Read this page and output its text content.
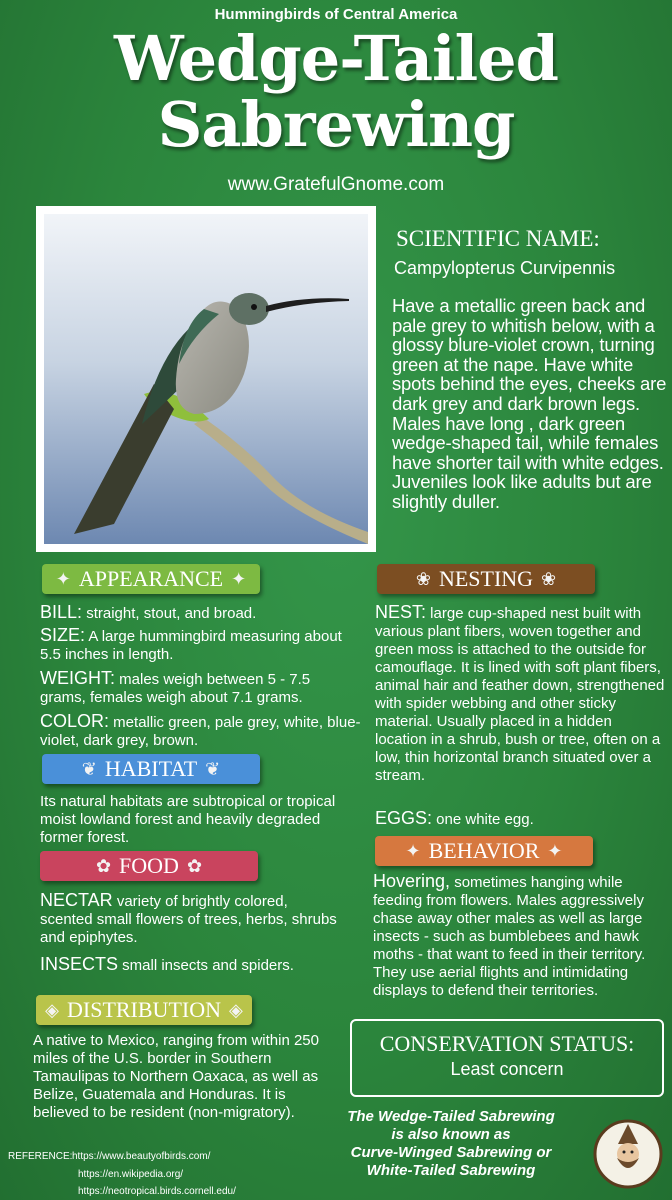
Hummingbirds of Central America
Wedge-Tailed
Sabrewing
www.GratefulGnome.com
SCIENTIFIC NAME:
Campylopterus Curvipennis
Have a metallic green back and pale grey to whitish below, with a glossy blure-violet crown, turning green at the nape. Have white spots behind the eyes, cheeks are dark grey and dark brown legs. Males have long , dark green wedge-shaped tail, while females have shorter tail with white edges. Juveniles look like adults but are slightly duller.
✦ APPEARANCE ✦
BILL: straight, stout, and broad.
SIZE: A large hummingbird measuring about 5.5 inches in length.
WEIGHT: males weigh between 5 - 7.5 grams, females weigh about 7.1 grams.
COLOR: metallic green, pale grey, white, blue-violet, dark grey, brown.
❦ HABITAT ❦
Its natural habitats are subtropical or tropical moist lowland forest and heavily degraded former forest.
✿ FOOD ✿
NECTAR variety of brightly colored, scented small flowers of trees, herbs, shrubs and epiphytes.
INSECTS small insects and spiders.
◈ DISTRIBUTION ◈
A native to Mexico, ranging from within 250 miles of the U.S. border in Southern Tamaulipas to Northern Oaxaca, as well as Belize, Guatemala and Honduras. It is believed to be resident (non-migratory).
❀ NESTING ❀
NEST: large cup-shaped nest built with various plant fibers, woven together and green moss is attached to the outside for camouflage. It is lined with soft plant fibers, animal hair and feather down, strengthened with spider webbing and other sticky material. Usually placed in a hidden location in a shrub, bush or tree, often on a low, thin horizontal branch situated over a stream.
EGGS: one white egg.
✦ BEHAVIOR ✦
Hovering, sometimes hanging while feeding from flowers. Males aggressively chase away other males as well as large insects - such as bumblebees and hawk moths - that want to feed in their territory. They use aerial flights and intimidating displays to defend their territories.
CONSERVATION STATUS:
Least concern
The Wedge-Tailed Sabrewing
is also known as
Curve-Winged Sabrewing or
White-Tailed Sabrewing
REFERENCE: https://www.beautyofbirds.com/
https://en.wikipedia.org/
https://neotropical.birds.cornell.edu/
